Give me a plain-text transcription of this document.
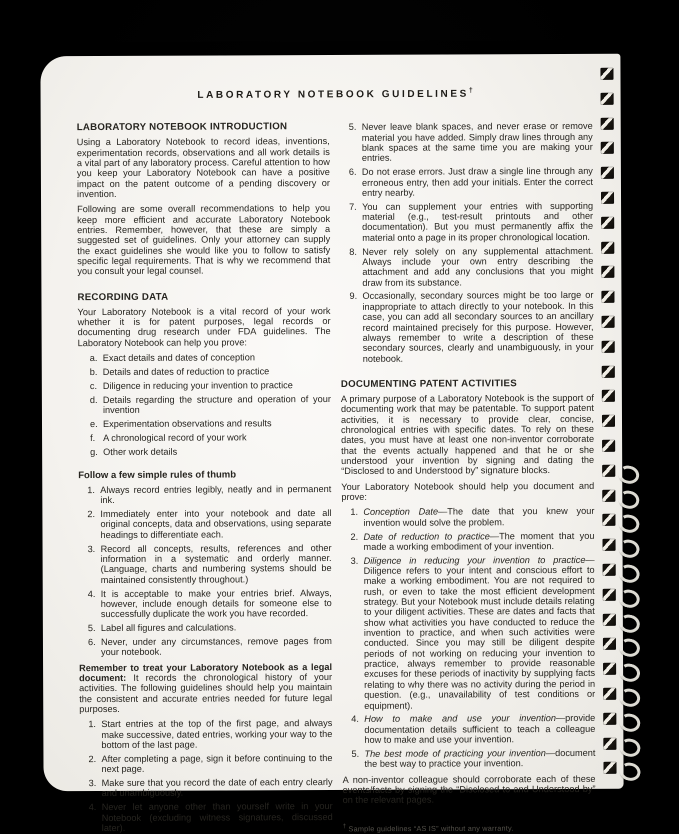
LABORATORY NOTEBOOK GUIDELINES†
LABORATORY NOTEBOOK INTRODUCTION

Using a Laboratory Notebook to record ideas, inventions, experimentation records, observations and all work details is a vital part of any laboratory process. Careful attention to how you keep your Laboratory Notebook can have a positive impact on the patent outcome of a pending discovery or invention.

Following are some overall recommendations to help you keep more efficient and accurate Laboratory Notebook entries. Remember, however, that these are simply a suggested set of guidelines. Only your attorney can supply the exact guidelines she would like you to follow to satisfy specific legal requirements. That is why we recommend that you consult your legal counsel.

RECORDING DATA

Your Laboratory Notebook is a vital record of your work whether it is for patent purposes, legal records or documenting drug research under FDA guidelines. The Laboratory Notebook can help you prove:

a. Exact details and dates of conception
b. Details and dates of reduction to practice
c. Diligence in reducing your invention to practice
d. Details regarding the structure and operation of your invention
e. Experimentation observations and results
f. A chronological record of your work
g. Other work details
Follow a few simple rules of thumb
1. Always record entries legibly, neatly and in permanent ink.
2. Immediately enter into your notebook and date all original concepts, data and observations, using separate headings to differentiate each.
3. Record all concepts, results, references and other information in a systematic and orderly manner. (Language, charts and numbering systems should be maintained consistently throughout.)
4. It is acceptable to make your entries brief. Always, however, include enough details for someone else to successfully duplicate the work you have recorded.
5. Label all figures and calculations.
6. Never, under any circumstances, remove pages from your notebook.

Remember to treat your Laboratory Notebook as a legal document: It records the chronological history of your activities. The following guidelines should help you maintain the consistent and accurate entries needed for future legal purposes.

1. Start entries at the top of the first page, and always make successive, dated entries, working your way to the bottom of the last page.
2. After completing a page, sign it before continuing to the next page.
3. Make sure that you record the date of each entry clearly and unambiguously.
4. Never let anyone other than yourself write in your Notebook (excluding witness signatures, discussed later).
5. Never leave blank spaces, and never erase or remove material you have added. Simply draw lines through any blank spaces at the same time you are making your entries.
6. Do not erase errors. Just draw a single line through any erroneous entry, then add your initials. Enter the correct entry nearby.
7. You can supplement your entries with supporting material (e.g., test-result printouts and other documentation). But you must permanently affix the material onto a page in its proper chronological location.
8. Never rely solely on any supplemental attachment. Always include your own entry describing the attachment and add any conclusions that you might draw from its substance.
9. Occasionally, secondary sources might be too large or inappropriate to attach directly to your notebook. In this case, you can add all secondary sources to an ancillary record maintained precisely for this purpose. However, always remember to write a description of these secondary sources, clearly and unambiguously, in your notebook.
DOCUMENTING PATENT ACTIVITIES

A primary purpose of a Laboratory Notebook is the support of documenting work that may be patentable. To support patent activities, it is necessary to provide clear, concise, chronological entries with specific dates. To rely on these dates, you must have at least one non-inventor corroborate that the events actually happened and that he or she understood your invention by signing and dating the “Disclosed to and Understood by” signature blocks.

Your Laboratory Notebook should help you document and prove:

1. Conception Date—The date that you knew your invention would solve the problem.
2. Date of reduction to practice—The moment that you made a working embodiment of your invention.
3. Diligence in reducing your invention to practice—Diligence refers to your intent and conscious effort to make a working embodiment. You are not required to rush, or even to take the most efficient development strategy. But your Notebook must include details relating to your diligent activities. These are dates and facts that show what activities you have conducted to reduce the invention to practice, and when such activities were conducted. Since you may still be diligent despite periods of not working on reducing your invention to practice, always remember to provide reasonable excuses for these periods of inactivity by supplying facts relating to why there was no activity during the period in question. (e.g., unavailability of test conditions or equipment).
4. How to make and use your invention—provide documentation details sufficient to teach a colleague how to make and use your invention.
5. The best mode of practicing your invention—document the best way to practice your invention.

A non-inventor colleague should corroborate each of these events/facts by signing the “Disclosed to and Understood by” on the relevant pages.

† Sample guidelines “AS IS” without any warranty.
